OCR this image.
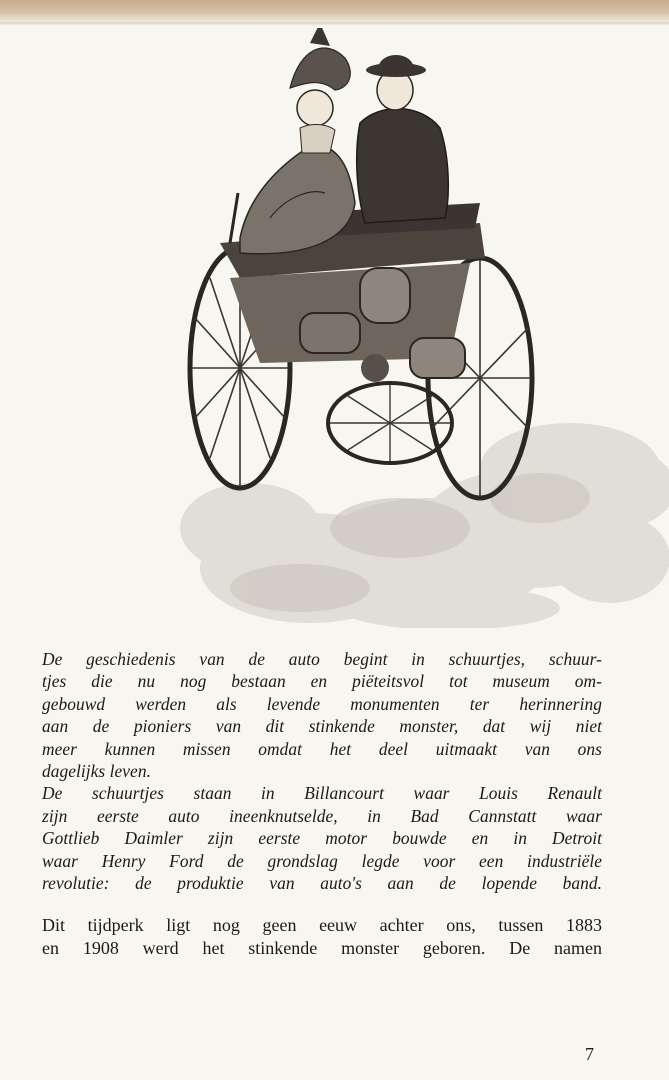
De geschiedenis van de auto begint in schuurtjes, schuur-
tjes die nu nog bestaan en piëteitsvol tot museum om-
gebouwd werden als levende monumenten ter herinnering
aan de pioniers van dit stinkende monster, dat wij niet
meer kunnen missen omdat het deel uitmaakt van ons
dagelijks leven.

De schuurtjes staan in Billancourt waar Louis Renault
zijn eerste auto ineenknutselde, in Bad Cannstatt waar
Gottlieb Daimler zijn eerste motor bouwde en in Detroit
waar Henry Ford de grondslag legde voor een industriële
revolutie: de produktie van auto's aan de lopende band.

Dit tijdperk ligt nog geen eeuw achter ons, tussen 1883
en 1908 werd het stinkende monster geboren. De namen

7
